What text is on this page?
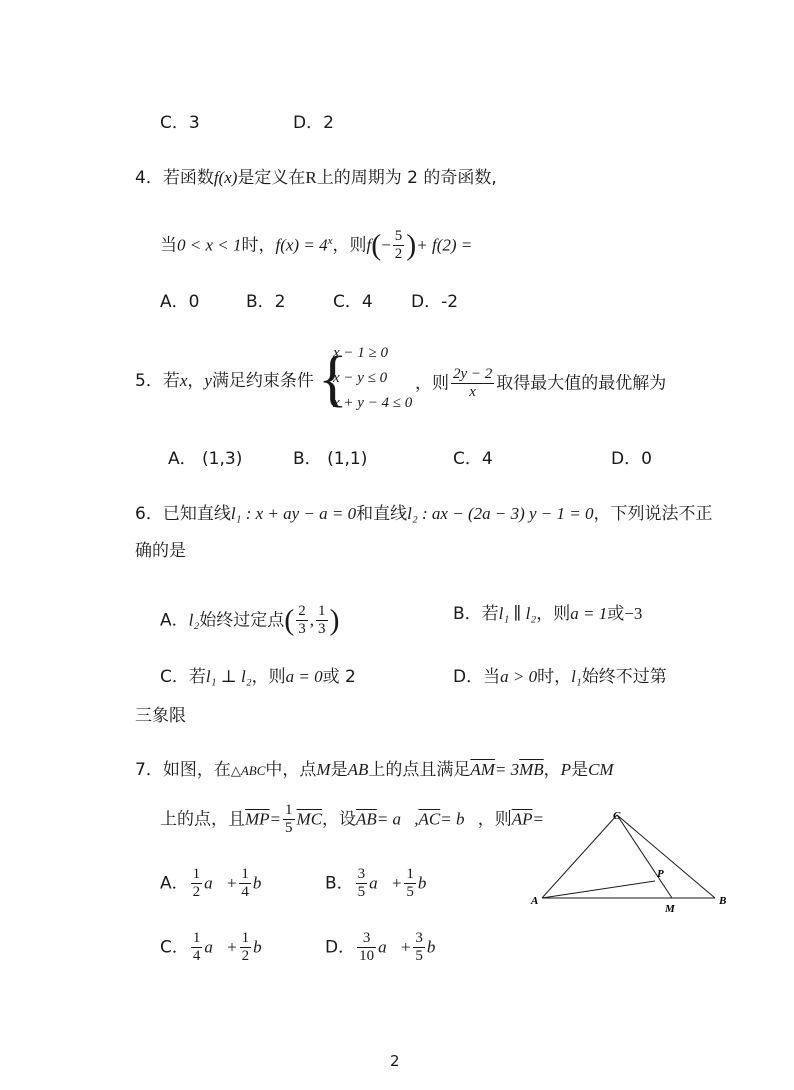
C．3	D．2
4．若函数f(x)是定义在R上的周期为 2 的奇函数,
当0 < x < 1时，$f(x) = 4^x$，则$f(- \frac{5}{2}$ )+ f(2) =
A．0	B．2	C．4 D．-2
5．若x，y满足约束条件 {
x − 1 ≥ 0
x − y ≤ 0
x + y − 4 ≤ 0
，则 $\frac{2y - 2}{x}$ 取得最大值的最优解为
A． (1,3)	B． (1,1)	C．4	D．0
6．已知直线l₁ : x + ay − a = 0和直线l₂ : ax − (2a − 3) y − 1 = 0，下列说法不正
确的是
A．l₂始终过定点( $\frac{2}{3}$ , $\frac{1}{3}$ )	B．若l₁ ∥ l₂，则a = 1或−3
C．若l₁ ⊥ l₂，则a = 0或 2	D．当a > 0时，l₁始终不过第
三象限
7．如图，在△ABC中，点M是AB上的点且满足$\overline{AM}= 3\overline{MB}$，P是CM
上的点，且$\overline{MP}= \frac{1}{5} \overline{MC}$，设$\overline{AB}=$ $a⃗,\overline{AC}=$ b⃗，则$\overline{AP}=$
A． $\frac{1}{2}$ a⃗+ $\frac{1}{4}$ b⃗	B． $\frac{3}{5}$ a⃗+ $\frac{1}{5}$ b⃗
C． $\frac{1}{4}$ a⃗+ $\frac{1}{2}$ b⃗	D． $\frac{3}{10}$ a⃗+ $\frac{3}{5}$ b⃗
C
A	B
M
P
2
